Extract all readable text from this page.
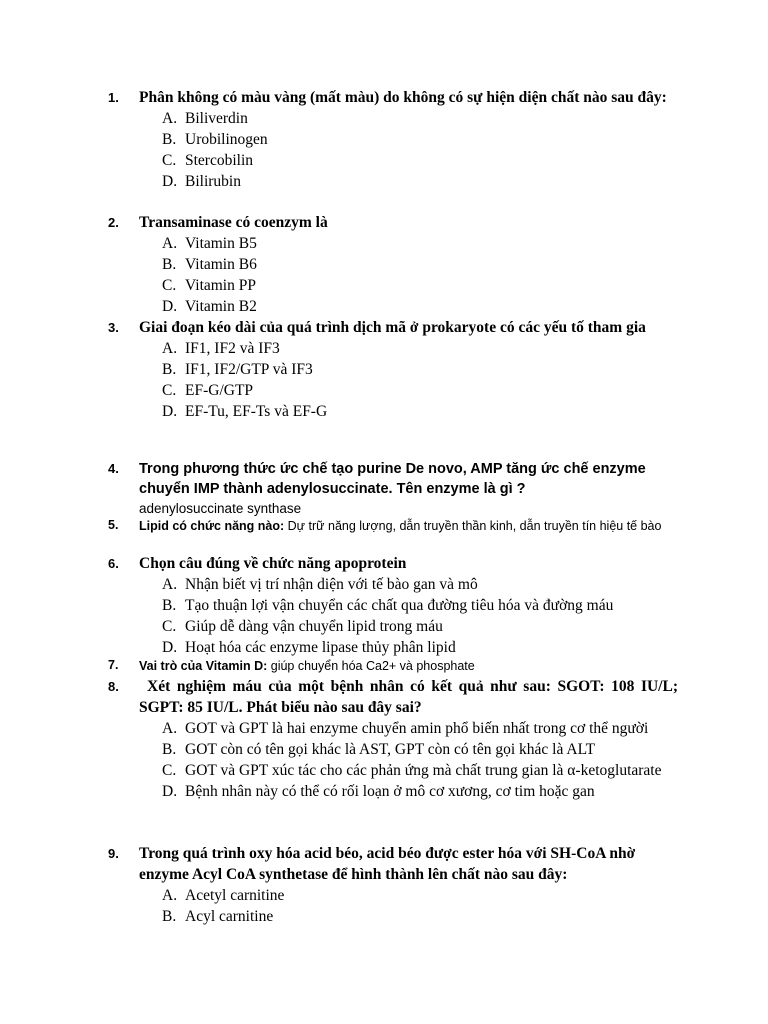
1. Phân không có màu vàng (mất màu) do không có sự hiện diện chất nào sau đây:
A. Biliverdin
B. Urobilinogen
C. Stercobilin
D. Bilirubin
2. Transaminase có coenzym là
A. Vitamin B5
B. Vitamin B6
C. Vitamin PP
D. Vitamin B2
3. Giai đoạn kéo dài của quá trình dịch mã ở prokaryote có các yếu tố tham gia
A. IF1, IF2 và IF3
B. IF1, IF2/GTP và IF3
C. EF-G/GTP
D. EF-Tu, EF-Ts và EF-G
4. Trong phương thức ức chế tạo purine De novo, AMP tăng ức chế enzyme chuyển IMP thành adenylosuccinate. Tên enzyme là gì ?
adenylosuccinate synthase
5. Lipid có chức năng nào: Dự trữ năng lượng, dẫn truyền thần kinh, dẫn truyền tín hiệu tế bào
6. Chọn câu đúng về chức năng apoprotein
A. Nhận biết vị trí nhận diện với tế bào gan và mô
B. Tạo thuận lợi vận chuyển các chất qua đường tiêu hóa và đường máu
C. Giúp dễ dàng vận chuyển lipid trong máu
D. Hoạt hóa các enzyme lipase thủy phân lipid
7. Vai trò của Vitamin D: giúp chuyển hóa Ca2+ và phosphate
8.	Xét nghiệm máu của một bệnh nhân có kết quả như sau: SGOT: 108 IU/L; SGPT: 85 IU/L. Phát biểu nào sau đây sai?
A. GOT và GPT là hai enzyme chuyển amin phổ biến nhất trong cơ thể người
B. GOT còn có tên gọi khác là AST, GPT còn có tên gọi khác là ALT
C. GOT và GPT xúc tác cho các phản ứng mà chất trung gian là α-ketoglutarate
D. Bệnh nhân này có thể có rối loạn ở mô cơ xương, cơ tim hoặc gan
9. Trong quá trình oxy hóa acid béo, acid béo được ester hóa với SH-CoA nhờ enzyme Acyl CoA synthetase để hình thành lên chất nào sau đây:
A. Acetyl carnitine
B. Acyl carnitine
